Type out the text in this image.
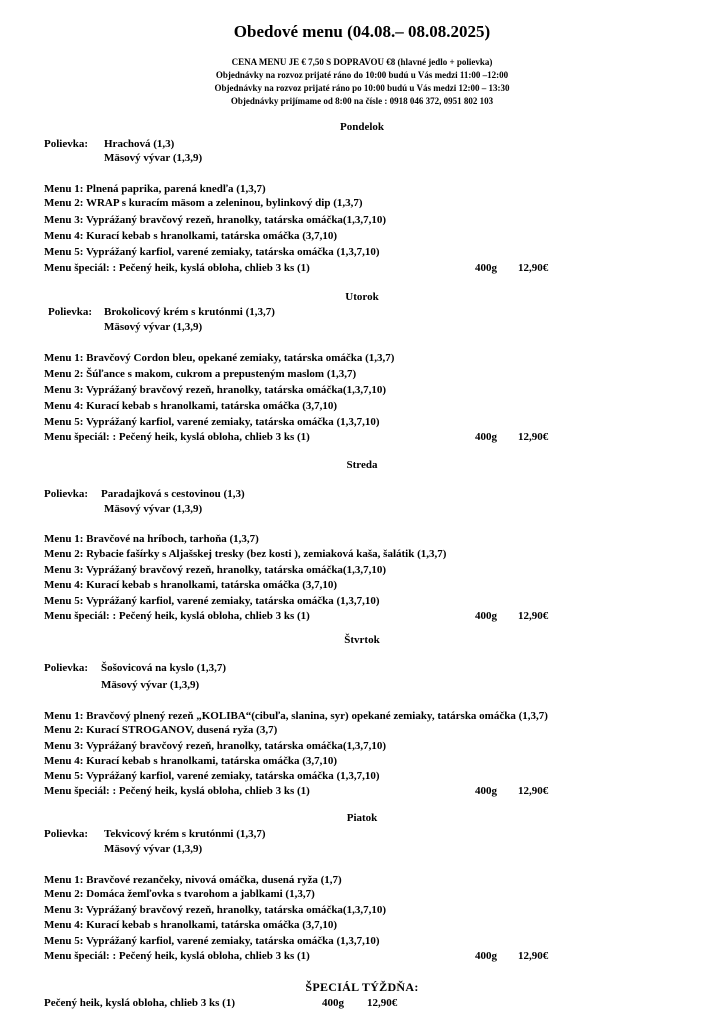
Obedové menu (04.08.– 08.08.2025)
CENA MENU JE € 7,50 S DOPRAVOU €8 (hlavné jedlo + polievka)
Objednávky na rozvoz prijaté ráno do 10:00 budú u Vás medzi 11:00 –12:00
Objednávky na rozvoz prijaté ráno po 10:00 budú u Vás medzi 12:00 – 13:30
Objednávky prijímame od 8:00 na čísle : 0918 046 372, 0951 802 103
Pondelok
Polievka: Hrachová (1,3)
Mäsový vývar (1,3,9)
Menu 1: Plnená paprika, parená knedľa (1,3,7)
Menu 2: WRAP s kuracím mäsom a zeleninou, bylinkový dip (1,3,7)
Menu 3: Vyprážaný bravčový rezeň, hranolky, tatárska omáčka(1,3,7,10)
Menu 4: Kurací kebab s hranolkami, tatárska omáčka (3,7,10)
Menu 5: Vyprážaný karfiol, varené zemiaky, tatárska omáčka (1,3,7,10)
Menu špeciál: : Pečený heik, kyslá obloha, chlieb 3 ks (1)	400g 12,90€
Utorok
Polievka: Brokolicový krém s krutónmi (1,3,7)
Mäsový vývar (1,3,9)
Menu 1: Bravčový Cordon bleu, opekané zemiaky, tatárska omáčka (1,3,7)
Menu 2: Šúľance s makom, cukrom a prepusteným maslom (1,3,7)
Menu 3: Vyprážaný bravčový rezeň, hranolky, tatárska omáčka(1,3,7,10)
Menu 4: Kurací kebab s hranolkami, tatárska omáčka (3,7,10)
Menu 5: Vyprážaný karfiol, varené zemiaky, tatárska omáčka (1,3,7,10)
Menu špeciál: : Pečený heik, kyslá obloha, chlieb 3 ks (1)	400g 12,90€
Streda
Polievka: Paradajková s cestovinou (1,3)
Mäsový vývar (1,3,9)
Menu 1: Bravčové na hríboch, tarhoňa (1,3,7)
Menu 2: Rybacie fašírky s Aljašskej tresky (bez kosti ), zemiaková kaša, šalátik (1,3,7)
Menu 3: Vyprážaný bravčový rezeň, hranolky, tatárska omáčka(1,3,7,10)
Menu 4: Kurací kebab s hranolkami, tatárska omáčka (3,7,10)
Menu 5: Vyprážaný karfiol, varené zemiaky, tatárska omáčka (1,3,7,10)
Menu špeciál: : Pečený heik, kyslá obloha, chlieb 3 ks (1)	400g 12,90€
Štvrtok
Polievka: Šošovicová na kyslo (1,3,7)
Mäsový vývar (1,3,9)
Menu 1: Bravčový plnený rezeň „KOLIBA“(cibuľa, slanina, syr) opekané zemiaky, tatárska omáčka (1,3,7)
Menu 2: Kurací STROGANOV, dusená ryža (3,7)
Menu 3: Vyprážaný bravčový rezeň, hranolky, tatárska omáčka(1,3,7,10)
Menu 4: Kurací kebab s hranolkami, tatárska omáčka (3,7,10)
Menu 5: Vyprážaný karfiol, varené zemiaky, tatárska omáčka (1,3,7,10)
Menu špeciál: : Pečený heik, kyslá obloha, chlieb 3 ks (1)	400g 12,90€
Piatok
Polievka: Tekvicový krém s krutónmi (1,3,7)
Mäsový vývar (1,3,9)
Menu 1: Bravčové rezančeky, nivová omáčka, dusená ryža (1,7)
Menu 2: Domáca žemľovka s tvarohom a jablkami (1,3,7)
Menu 3: Vyprážaný bravčový rezeň, hranolky, tatárska omáčka(1,3,7,10)
Menu 4: Kurací kebab s hranolkami, tatárska omáčka (3,7,10)
Menu 5: Vyprážaný karfiol, varené zemiaky, tatárska omáčka (1,3,7,10)
Menu špeciál: : Pečený heik, kyslá obloha, chlieb 3 ks (1)	400g 12,90€
ŠPECIÁL TÝŽDŇA:
Pečený heik, kyslá obloha, chlieb 3 ks (1)	400g 12,90€
